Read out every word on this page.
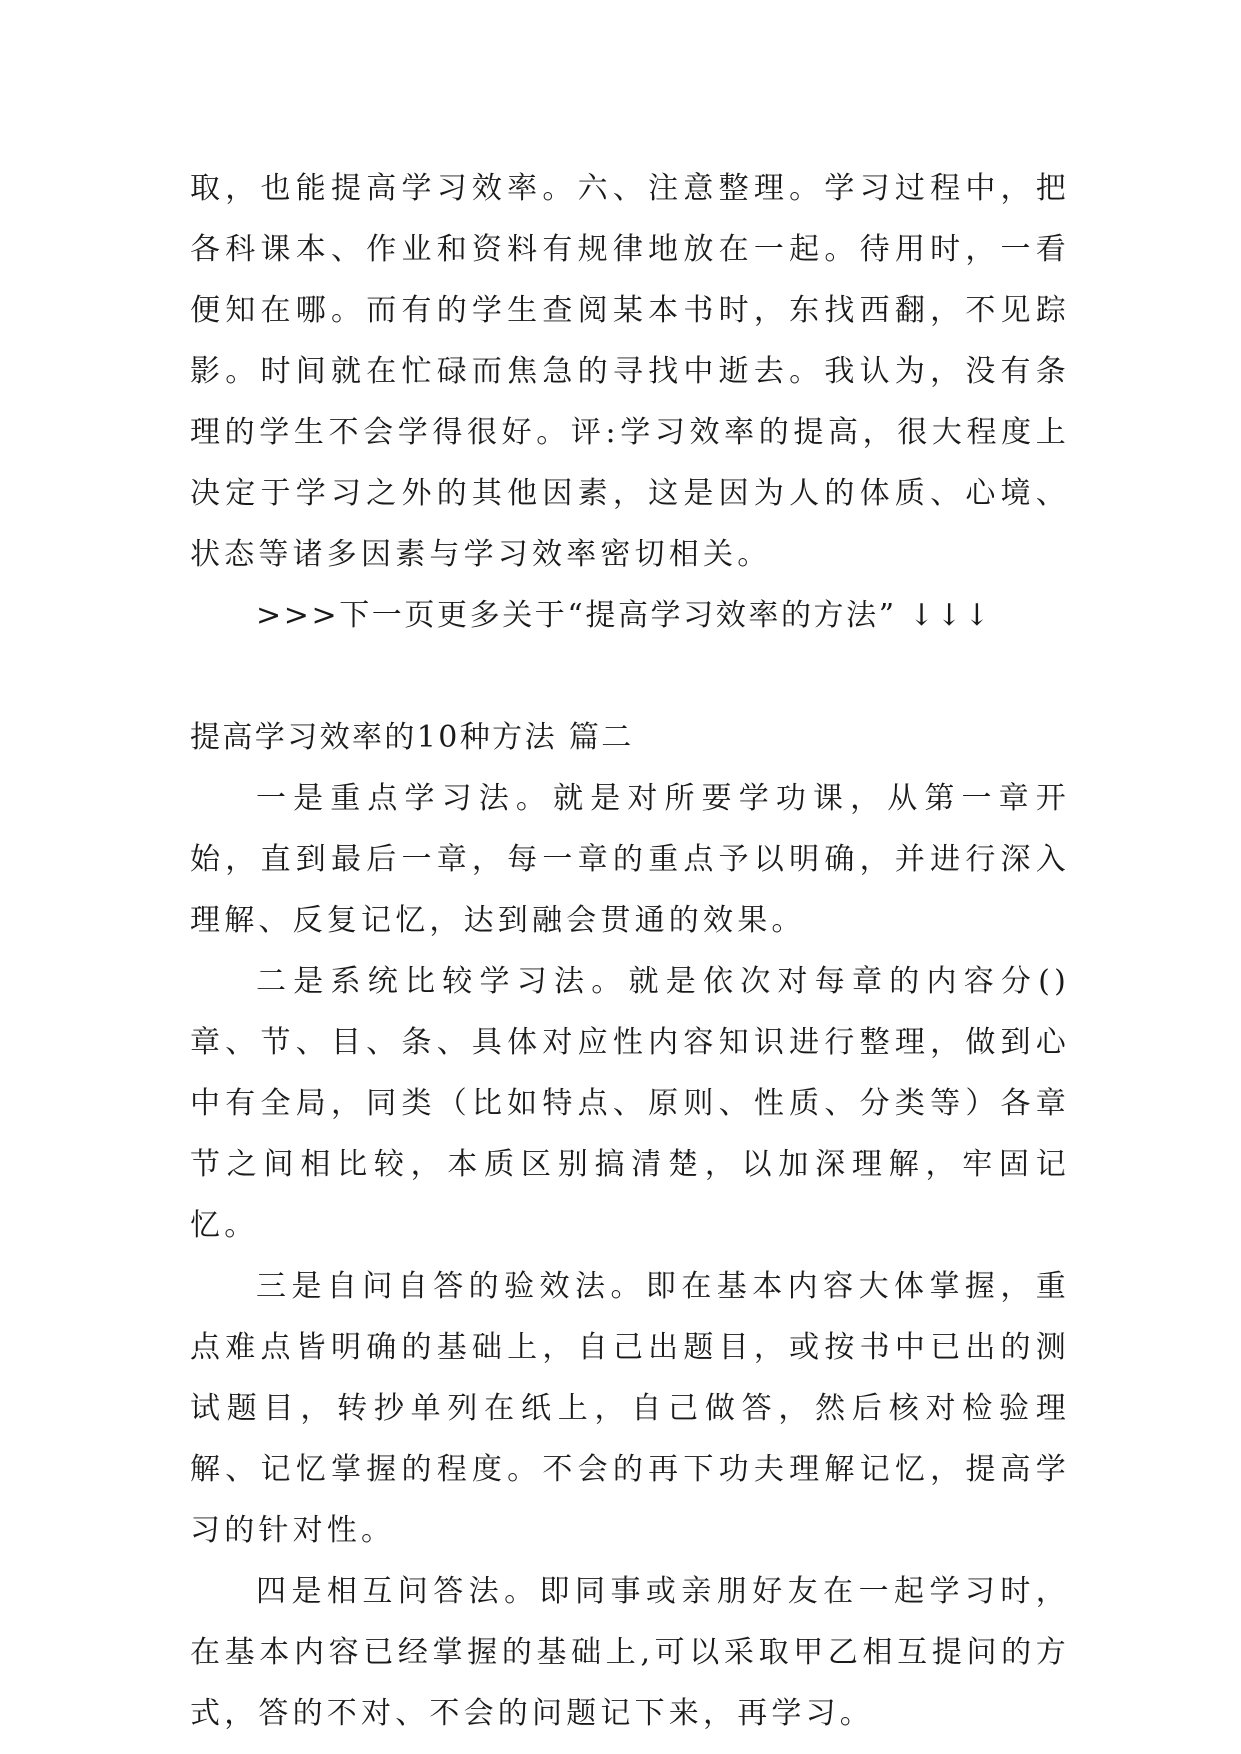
取，也能提高学习效率。六、注意整理。学习过程中，把各科课本、作业和资料有规律地放在一起。待用时，一看便知在哪。而有的学生查阅某本书时，东找西翻，不见踪影。时间就在忙碌而焦急的寻找中逝去。我认为，没有条理的学生不会学得很好。评:学习效率的提高，很大程度上决定于学习之外的其他因素，这是因为人的体质、心境、状态等诸多因素与学习效率密切相关。

>>>下一页更多关于“提高学习效率的方法” ↓↓↓

提高学习效率的10种方法 篇二

一是重点学习法。就是对所要学功课，从第一章开始，直到最后一章，每一章的重点予以明确，并进行深入理解、反复记忆，达到融会贯通的效果。

二是系统比较学习法。就是依次对每章的内容分()章、节、目、条、具体对应性内容知识进行整理，做到心中有全局，同类（比如特点、原则、性质、分类等）各章节之间相比较，本质区别搞清楚，以加深理解，牢固记忆。

三是自问自答的验效法。即在基本内容大体掌握，重点难点皆明确的基础上，自己出题目，或按书中已出的测试题目，转抄单列在纸上，自己做答，然后核对检验理解、记忆掌握的程度。不会的再下功夫理解记忆，提高学习的针对性。

四是相互问答法。即同事或亲朋好友在一起学习时，在基本内容已经掌握的基础上,可以采取甲乙相互提问的方式，答的不对、不会的问题记下来，再学习。
